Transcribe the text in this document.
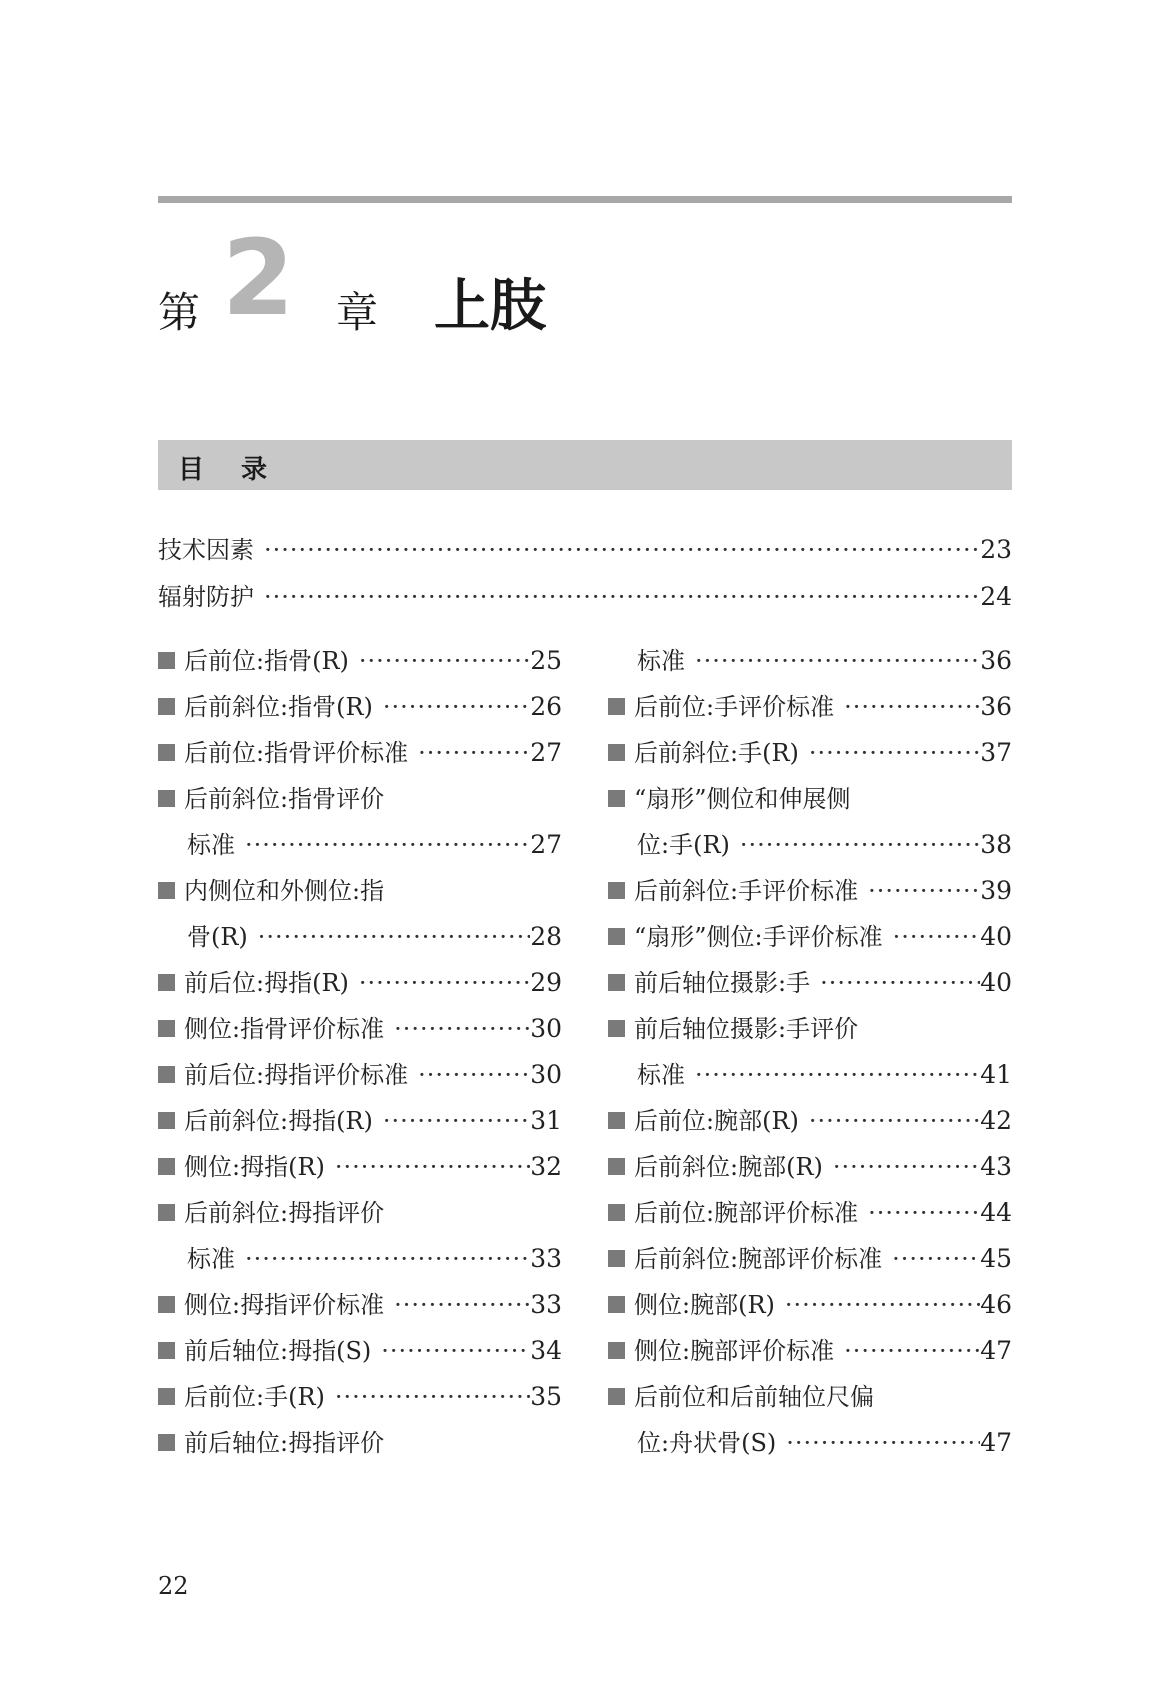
第 2 章 上肢
目 录
技术因素 ·····	23
辐射防护 ·····	24
后前位:指骨(R) ·····	25
后前斜位:指骨(R) ·····	26
后前位:指骨评价标准 ·····	27
后前斜位:指骨评价
标准 ·····	27
内侧位和外侧位:指
骨(R) ·····	28
前后位:拇指(R) ·····	29
侧位:指骨评价标准 ·····	30
前后位:拇指评价标准 ·····	30
后前斜位:拇指(R) ·····	31
侧位:拇指(R) ·····	32
后前斜位:拇指评价
标准 ·····	33
侧位:拇指评价标准 ·····	33
前后轴位:拇指(S) ·····	34
后前位:手(R) ·····	35
前后轴位:拇指评价
标准 ·····	36
后前位:手评价标准 ·····	36
后前斜位:手(R) ·····	37
“扇形”侧位和伸展侧
位:手(R) ·····	38
后前斜位:手评价标准 ·····	39
“扇形”侧位:手评价标准 ·····	40
前后轴位摄影:手 ·····	40
前后轴位摄影:手评价
标准 ·····	41
后前位:腕部(R) ·····	42
后前斜位:腕部(R) ·····	43
后前位:腕部评价标准 ·····	44
后前斜位:腕部评价标准 ·····	45
侧位:腕部(R) ·····	46
侧位:腕部评价标准 ·····	47
后前位和后前轴位尺偏
位:舟状骨(S) ·····	47
22
